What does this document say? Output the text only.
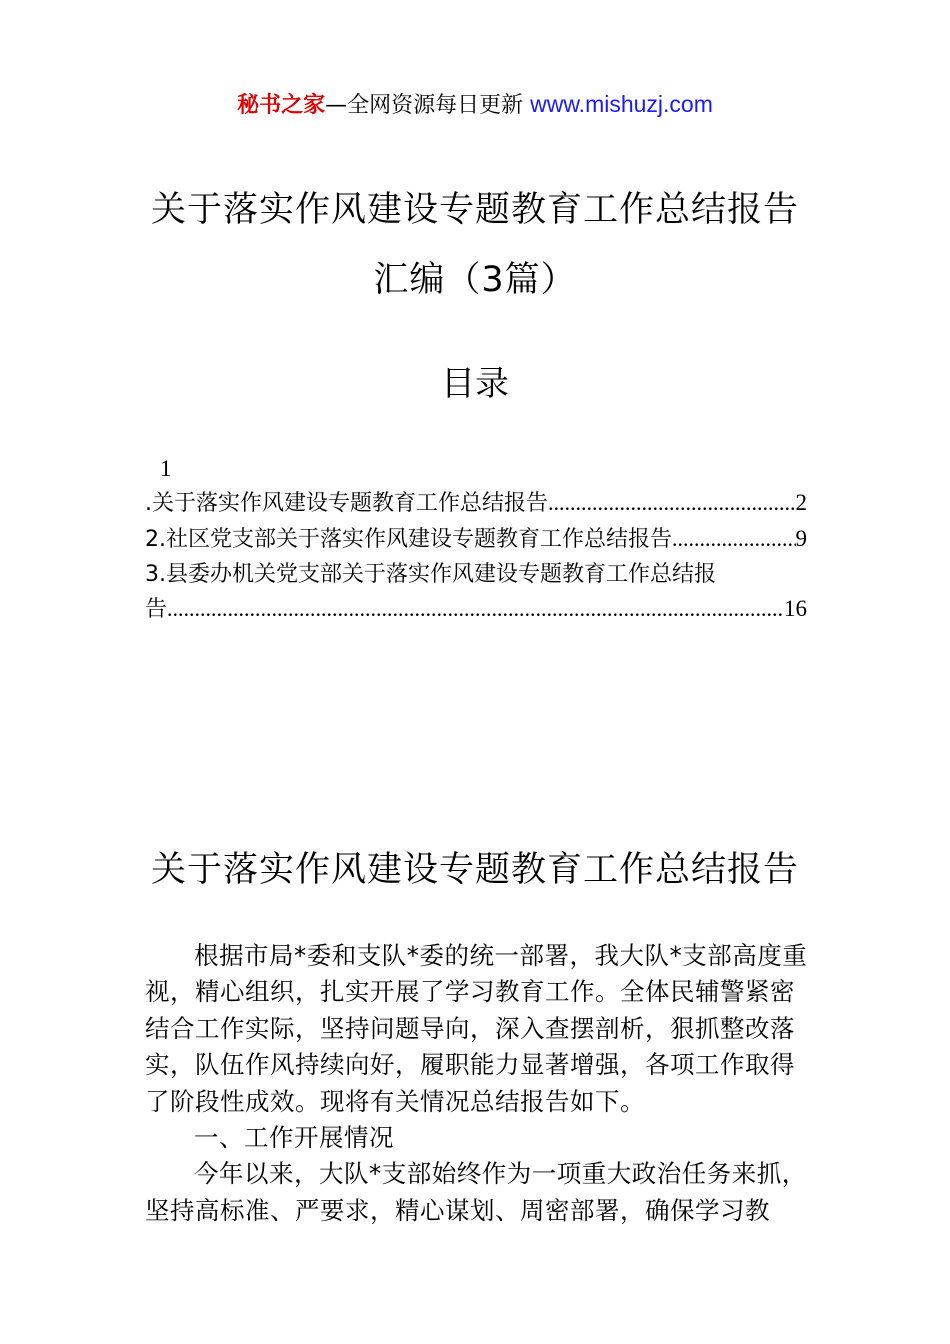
秘书之家—全网资源每日更新 www.mishuzj.com
关于落实作风建设专题教育工作总结报告
汇编（3篇）
目录
1
.关于落实作风建设专题教育工作总结报告 .....	2
2.社区党支部关于落实作风建设专题教育工作总结报告 .....	9
3.县委办机关党支部关于落实作风建设专题教育工作总结报
告 .....	16
关于落实作风建设专题教育工作总结报告

根据市局*委和支队*委的统一部署，我大队*支部高度重视，精心组织，扎实开展了学习教育工作。全体民辅警紧密结合工作实际，坚持问题导向，深入查摆剖析，狠抓整改落实，队伍作风持续向好，履职能力显著增强，各项工作取得了阶段性成效。现将有关情况总结报告如下。

一、工作开展情况

今年以来，大队*支部始终作为一项重大政治任务来抓，坚持高标准、严要求，精心谋划、周密部署，确保学习教
